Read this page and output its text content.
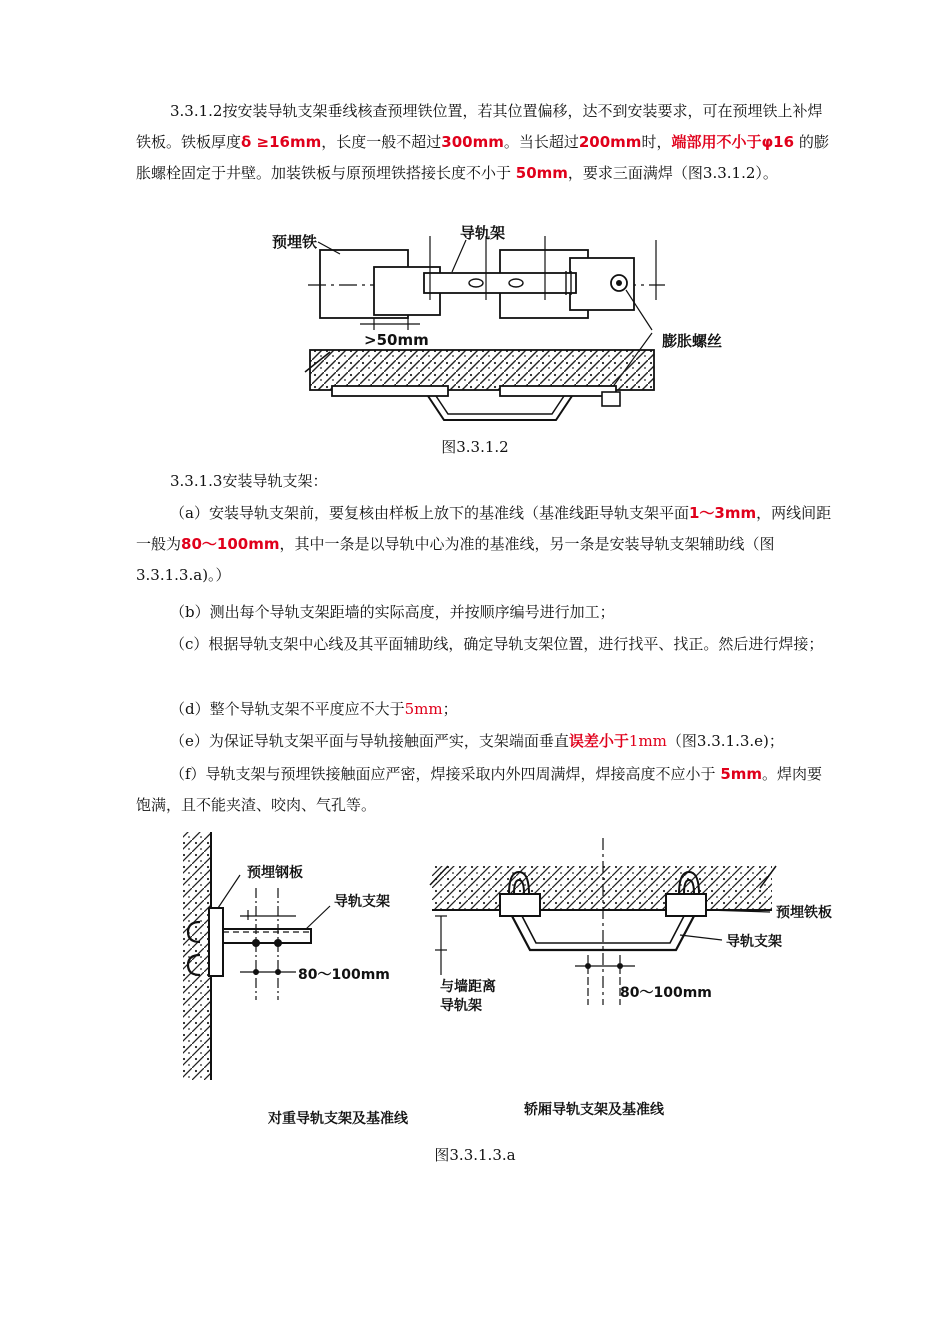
3.3.1.2按安装导轨支架垂线核查预埋铁位置，若其位置偏移，达不到安装要求，可在预埋铁上补焊铁板。铁板厚度δ ≥16mm，长度一般不超过300mm。当长超过200mm时，端部用不小于φ16 的膨胀螺栓固定于井壁。加装铁板与原预埋铁搭接长度不小于 50mm，要求三面满焊（图3.3.1.2）。

预埋铁	导轨架
>50mm	膨胀螺丝
图3.3.1.2

3.3.1.3安装导轨支架：

（a）安装导轨支架前，要复核由样板上放下的基准线（基准线距导轨支架平面1～3mm，两线间距一般为80～100mm，其中一条是以导轨中心为准的基准线，另一条是安装导轨支架辅助线（图3.3.1.3.a)。）

（b）测出每个导轨支架距墙的实际高度，并按顺序编号进行加工；

（c）根据导轨支架中心线及其平面辅助线，确定导轨支架位置，进行找平、找正。然后进行焊接；

（d）整个导轨支架不平度应不大于5mm；

（e）为保证导轨支架平面与导轨接触面严实，支架端面垂直误差小于1mm（图3.3.1.3.e)；

（f）导轨支架与预埋铁接触面应严密，焊接采取内外四周满焊，焊接高度不应小于 5mm。焊肉要饱满，且不能夹渣、咬肉、气孔等。

预埋钢板
导轨支架
80～100mm
预埋铁板
导轨支架
与墙距离
导轨架
80～100mm
对重导轨支架及基准线
轿厢导轨支架及基准线
图3.3.1.3.a
